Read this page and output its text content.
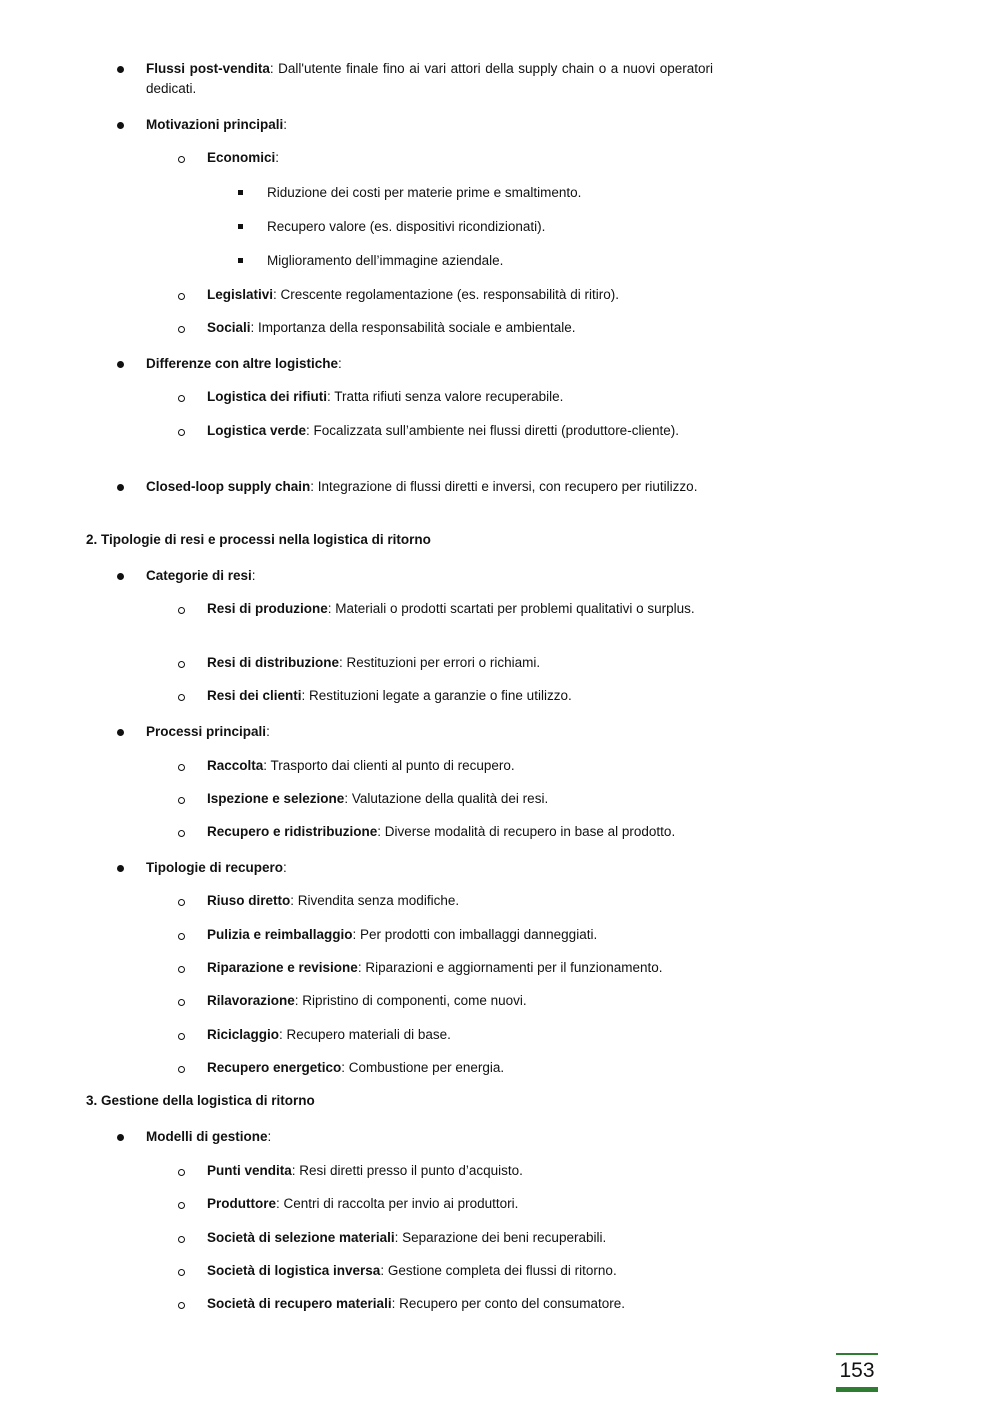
Flussi post-vendita: Dall'utente finale fino ai vari attori della supply chain o a nuovi operatori dedicati.
Motivazioni principali:
Economici:
Riduzione dei costi per materie prime e smaltimento.
Recupero valore (es. dispositivi ricondizionati).
Miglioramento dell’immagine aziendale.
Legislativi: Crescente regolamentazione (es. responsabilità di ritiro).
Sociali: Importanza della responsabilità sociale e ambientale.
Differenze con altre logistiche:
Logistica dei rifiuti: Tratta rifiuti senza valore recuperabile.
Logistica verde: Focalizzata sull’ambiente nei flussi diretti (produttore-cliente).
Closed-loop supply chain: Integrazione di flussi diretti e inversi, con recupero per riutilizzo.
2. Tipologie di resi e processi nella logistica di ritorno
Categorie di resi:
Resi di produzione: Materiali o prodotti scartati per problemi qualitativi o surplus.
Resi di distribuzione: Restituzioni per errori o richiami.
Resi dei clienti: Restituzioni legate a garanzie o fine utilizzo.
Processi principali:
Raccolta: Trasporto dai clienti al punto di recupero.
Ispezione e selezione: Valutazione della qualità dei resi.
Recupero e ridistribuzione: Diverse modalità di recupero in base al prodotto.
Tipologie di recupero:
Riuso diretto: Rivendita senza modifiche.
Pulizia e reimballaggio: Per prodotti con imballaggi danneggiati.
Riparazione e revisione: Riparazioni e aggiornamenti per il funzionamento.
Rilavorazione: Ripristino di componenti, come nuovi.
Riciclaggio: Recupero materiali di base.
Recupero energetico: Combustione per energia.
3. Gestione della logistica di ritorno
Modelli di gestione:
Punti vendita: Resi diretti presso il punto d’acquisto.
Produttore: Centri di raccolta per invio ai produttori.
Società di selezione materiali: Separazione dei beni recuperabili.
Società di logistica inversa: Gestione completa dei flussi di ritorno.
Società di recupero materiali: Recupero per conto del consumatore.
153
